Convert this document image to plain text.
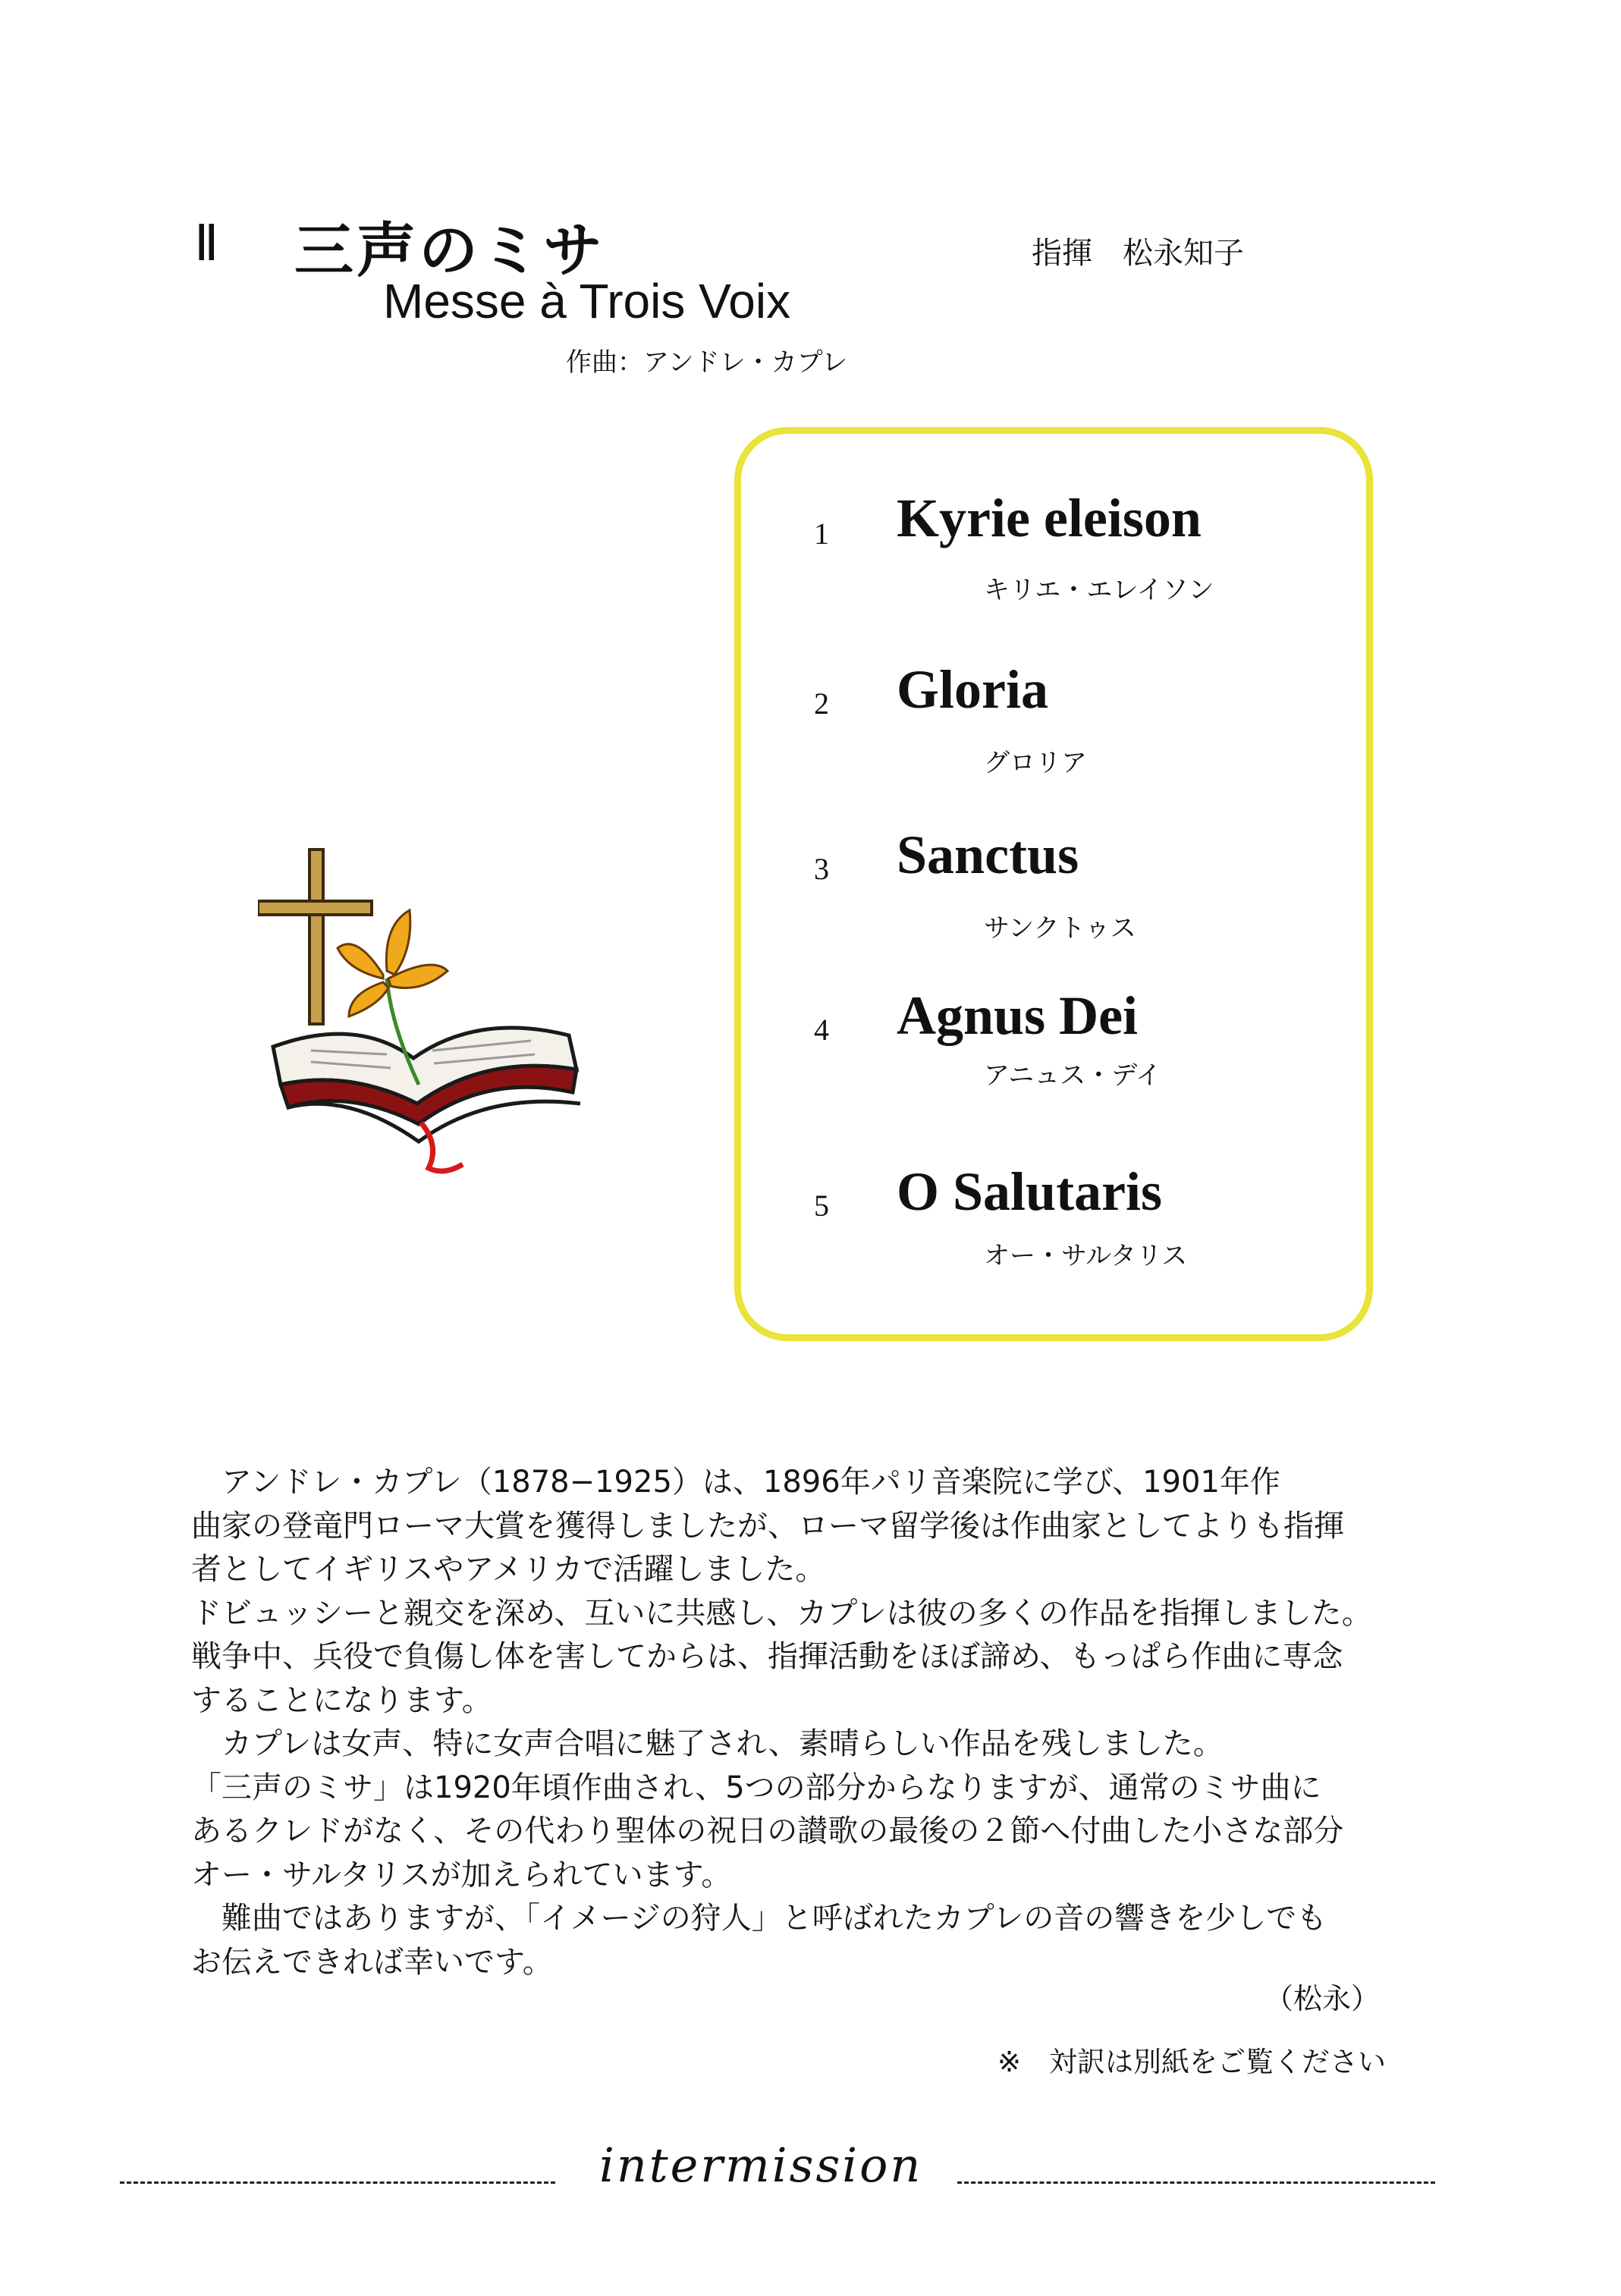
Ⅱ 三声のミサ	指揮　松永知子
Messe à Trois Voix
作曲：アンドレ・カプレ
1 Kyrie eleison
キリエ・エレイソン
2 Gloria
グロリア
3 Sanctus
サンクトゥス
4 Agnus Dei
アニュス・デイ
5 O Salutaris
オー・サルタリス

　アンドレ・カプレ（1878−1925）は、1896年パリ音楽院に学び、1901年作

曲家の登竜門ローマ大賞を獲得しましたが、ローマ留学後は作曲家としてよりも指揮

者としてイギリスやアメリカで活躍しました。

ドビュッシーと親交を深め、互いに共感し、カプレは彼の多くの作品を指揮しました。

戦争中、兵役で負傷し体を害してからは、指揮活動をほぼ諦め、もっぱら作曲に専念

することになります。

　カプレは女声、特に女声合唱に魅了され、素晴らしい作品を残しました。

「三声のミサ」は1920年頃作曲され、5つの部分からなりますが、通常のミサ曲に

あるクレドがなく、その代わり聖体の祝日の讃歌の最後の２節へ付曲した小さな部分

オー・サルタリスが加えられています。

　難曲ではありますが、「イメージの狩人」と呼ばれたカプレの音の響きを少しでも

お伝えできれば幸いです。

（松永）
※　対訳は別紙をご覧ください
intermission
